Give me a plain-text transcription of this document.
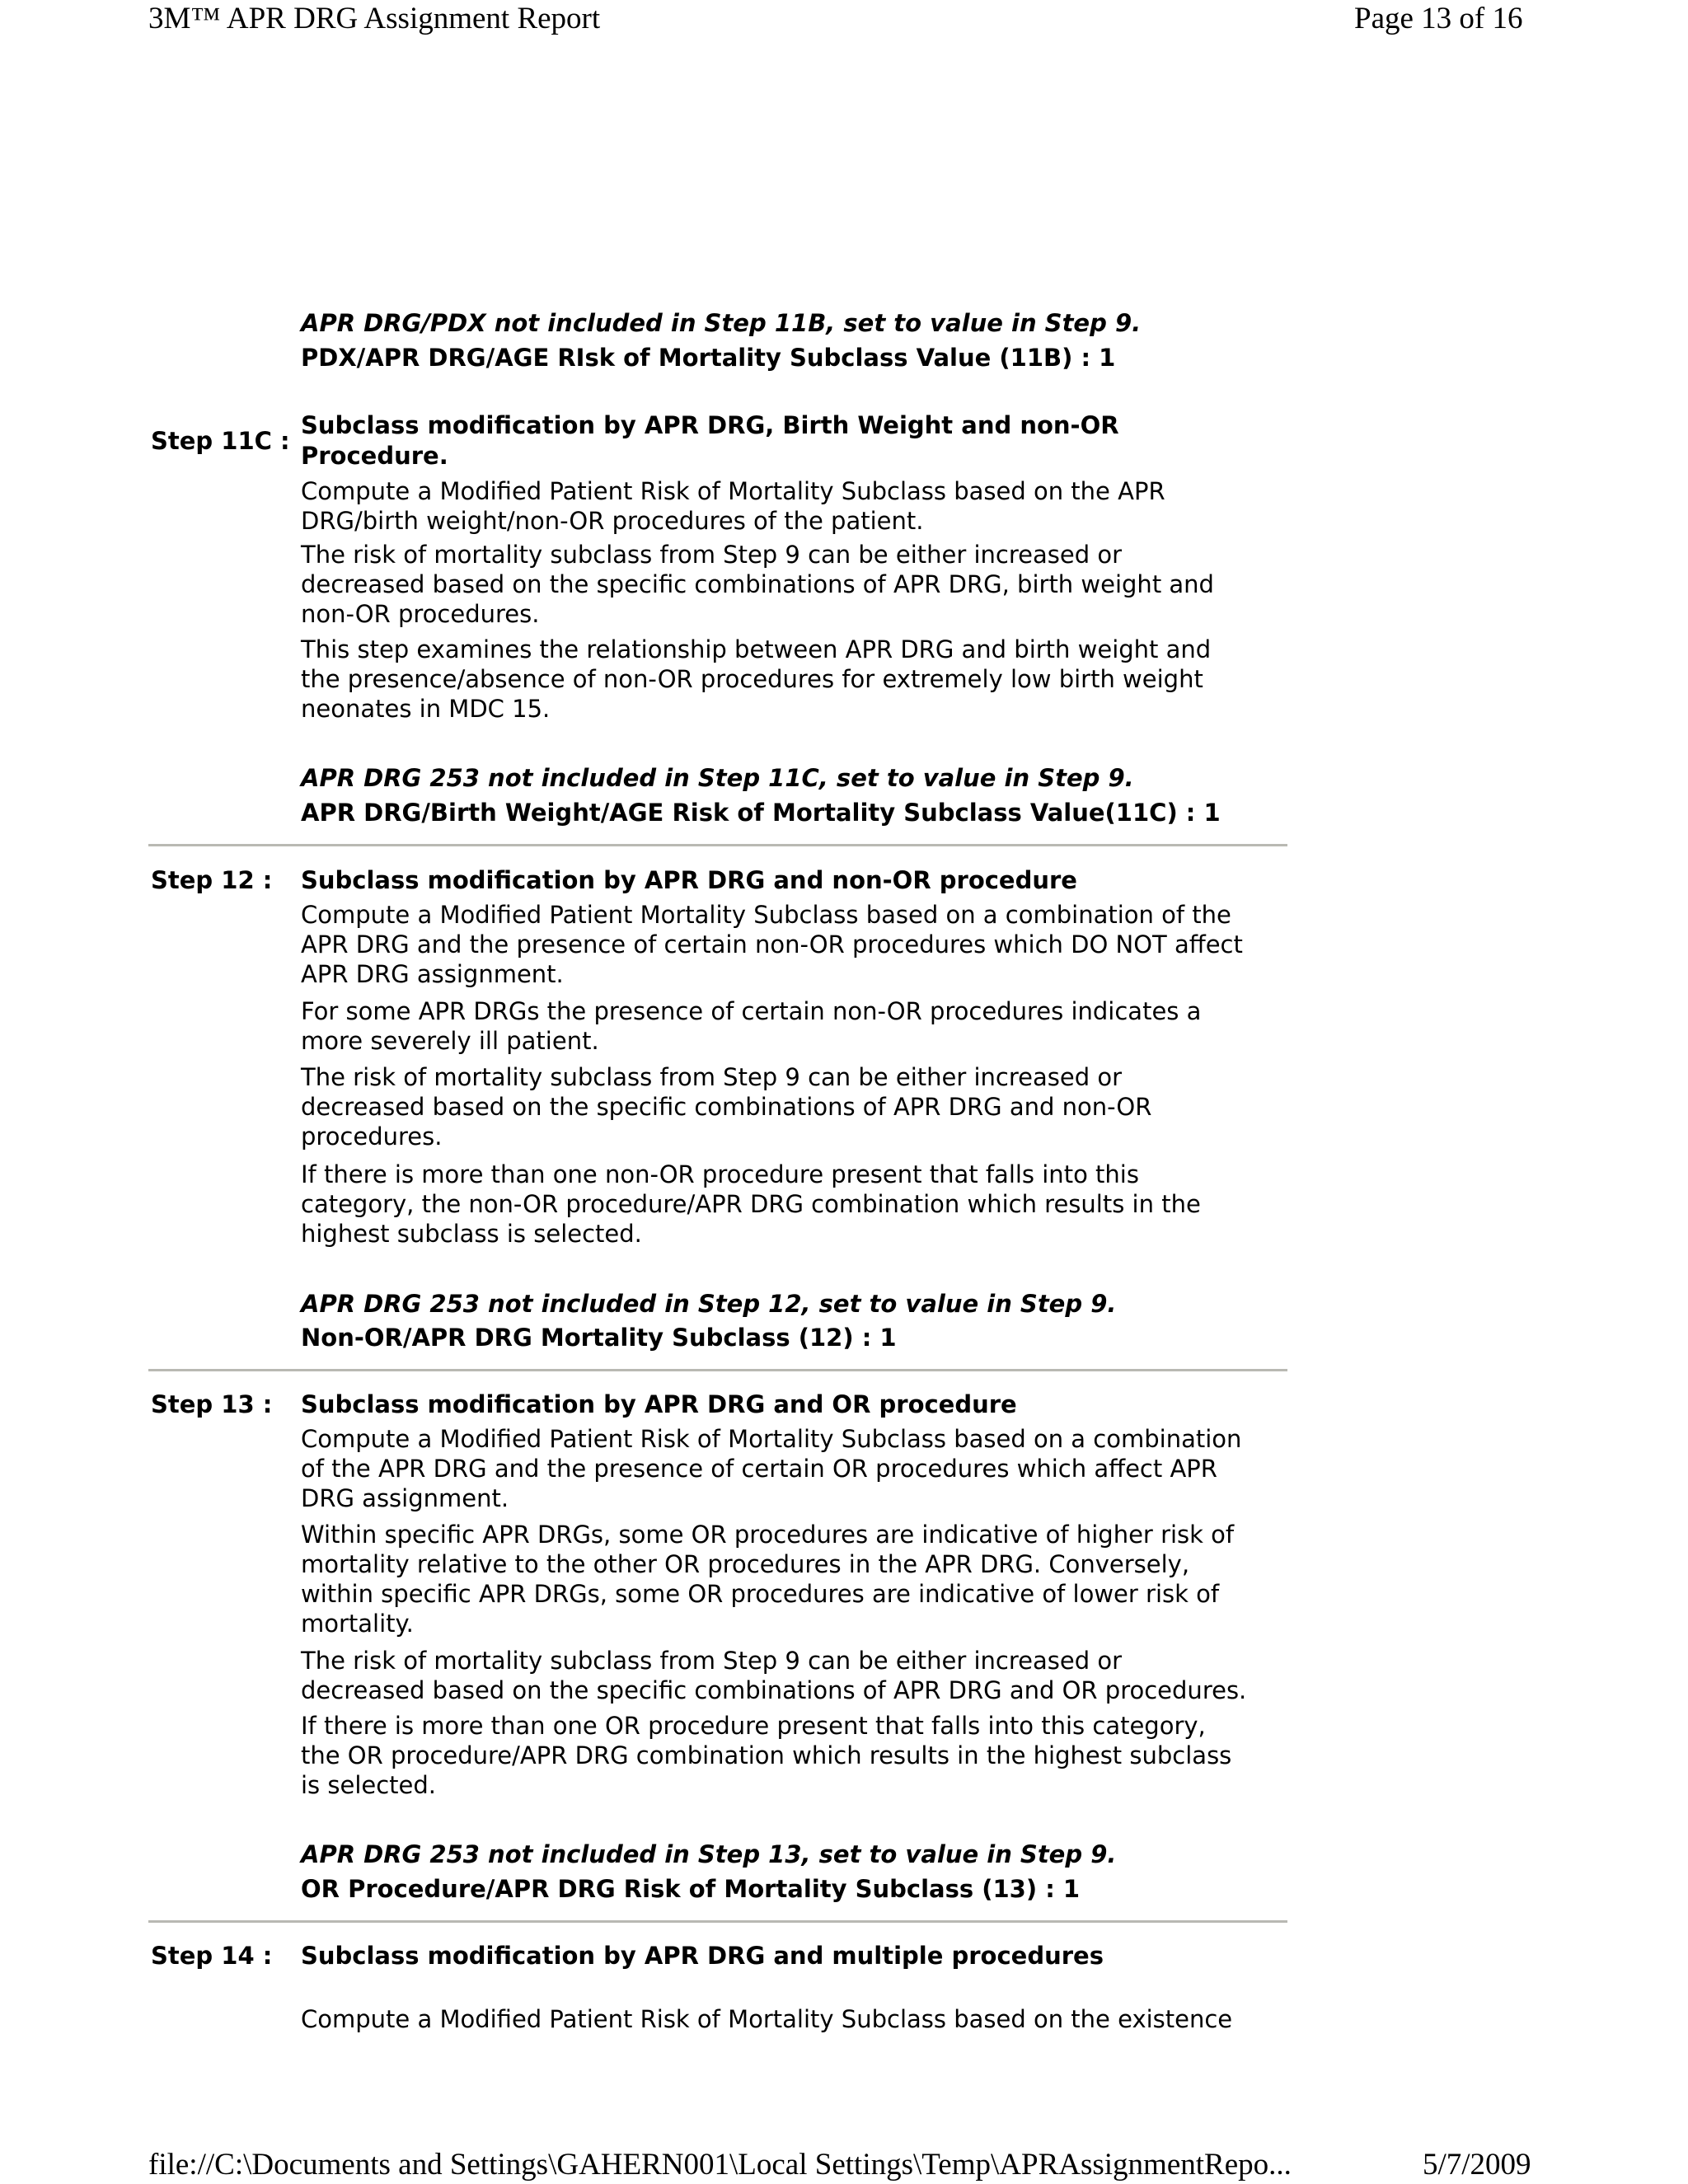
3M™ APR DRG Assignment Report	Page 13 of 16
APR DRG/PDX not included in Step 11B, set to value in Step 9.
PDX/APR DRG/AGE RIsk of Mortality Subclass Value (11B) : 1
Step 11C :
Subclass modification by APR DRG, Birth Weight and non-OR
Procedure.
Compute a Modified Patient Risk of Mortality Subclass based on the APR
DRG/birth weight/non-OR procedures of the patient.
The risk of mortality subclass from Step 9 can be either increased or
decreased based on the specific combinations of APR DRG, birth weight and
non-OR procedures.
This step examines the relationship between APR DRG and birth weight and
the presence/absence of non-OR procedures for extremely low birth weight
neonates in MDC 15.
APR DRG 253 not included in Step 11C, set to value in Step 9.
APR DRG/Birth Weight/AGE Risk of Mortality Subclass Value(11C) : 1
Step 12 : Subclass modification by APR DRG and non-OR procedure
Compute a Modified Patient Mortality Subclass based on a combination of the
APR DRG and the presence of certain non-OR procedures which DO NOT affect
APR DRG assignment.
For some APR DRGs the presence of certain non-OR procedures indicates a
more severely ill patient.
The risk of mortality subclass from Step 9 can be either increased or
decreased based on the specific combinations of APR DRG and non-OR
procedures.
If there is more than one non-OR procedure present that falls into this
category, the non-OR procedure/APR DRG combination which results in the
highest subclass is selected.
APR DRG 253 not included in Step 12, set to value in Step 9.
Non-OR/APR DRG Mortality Subclass (12) : 1
Step 13 : Subclass modification by APR DRG and OR procedure
Compute a Modified Patient Risk of Mortality Subclass based on a combination
of the APR DRG and the presence of certain OR procedures which affect APR
DRG assignment.
Within specific APR DRGs, some OR procedures are indicative of higher risk of
mortality relative to the other OR procedures in the APR DRG. Conversely,
within specific APR DRGs, some OR procedures are indicative of lower risk of
mortality.
The risk of mortality subclass from Step 9 can be either increased or
decreased based on the specific combinations of APR DRG and OR procedures.
If there is more than one OR procedure present that falls into this category,
the OR procedure/APR DRG combination which results in the highest subclass
is selected.
APR DRG 253 not included in Step 13, set to value in Step 9.
OR Procedure/APR DRG Risk of Mortality Subclass (13) : 1
Step 14 : Subclass modification by APR DRG and multiple procedures
Compute a Modified Patient Risk of Mortality Subclass based on the existence
file://C:\Documents and Settings\GAHERN001\Local Settings\Temp\APRAssignmentRepo...	5/7/2009
